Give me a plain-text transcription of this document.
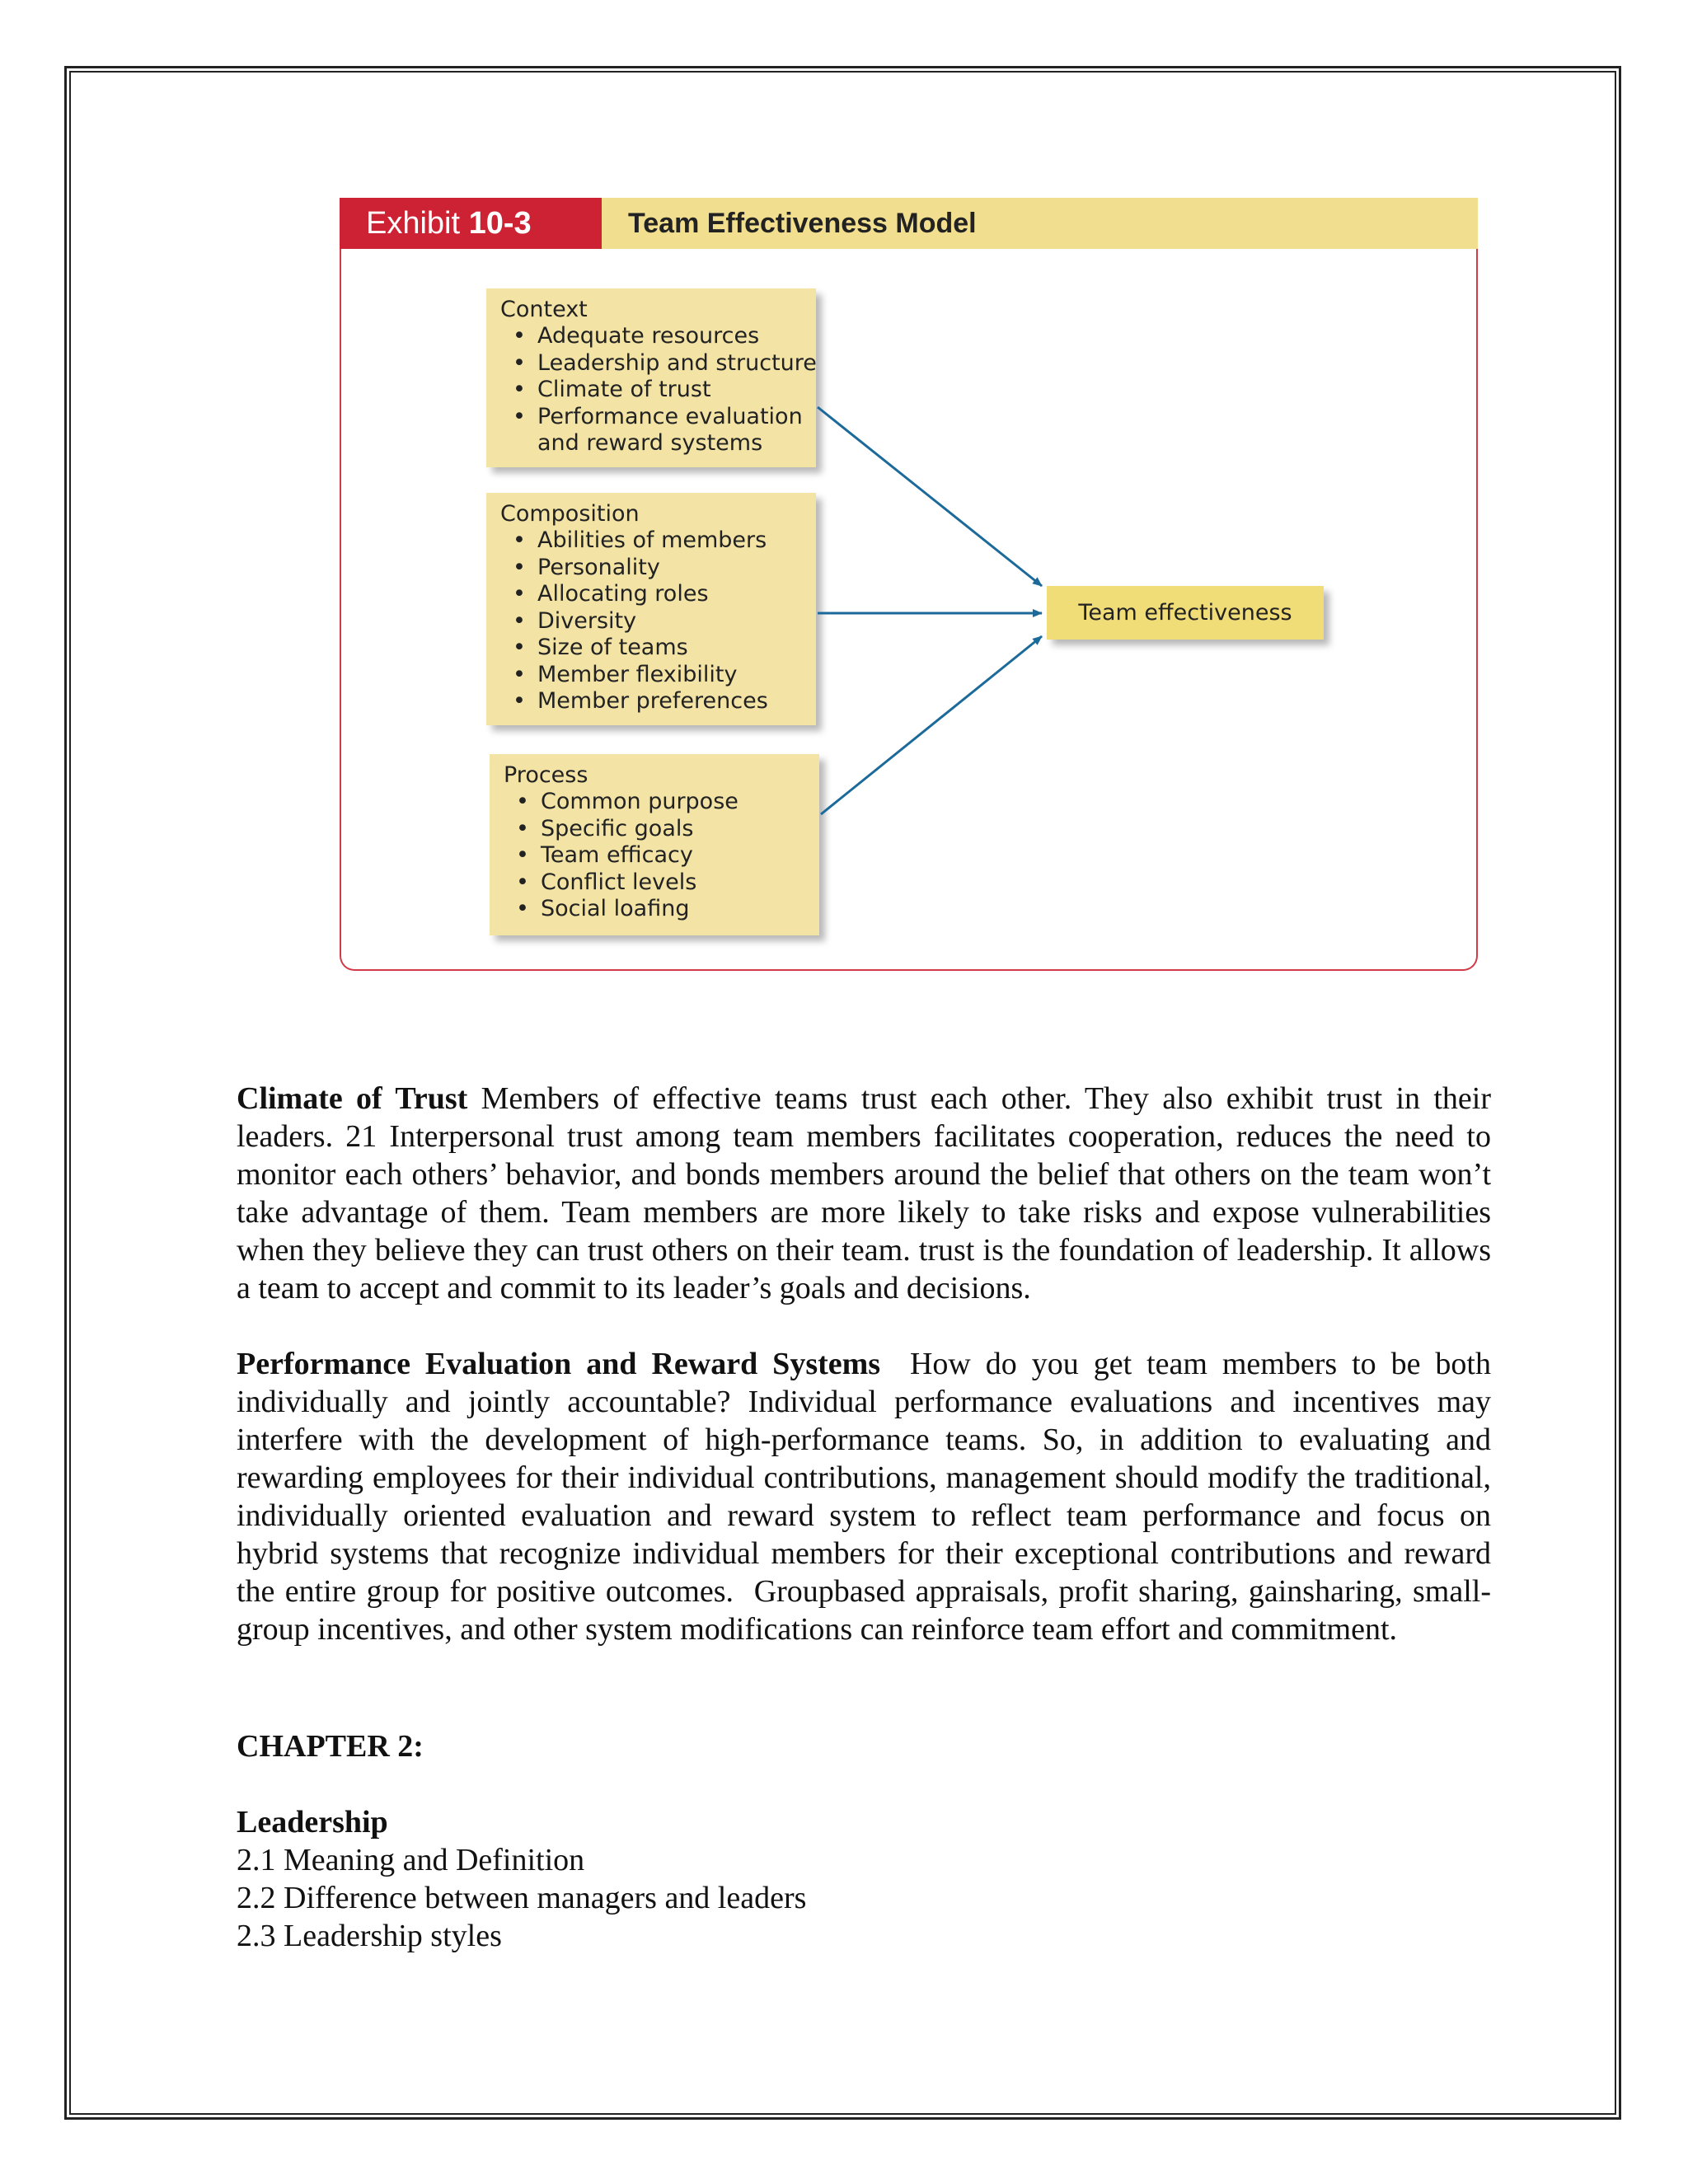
Exhibit 10-3	Team Effectiveness Model
Context
• Adequate resources
• Leadership and structure
• Climate of trust
• Performance evaluation
and reward systems
Composition
• Abilities of members
• Personality
• Allocating roles
• Diversity
• Size of teams
• Member flexibility
• Member preferences
Process
• Common purpose
• Specific goals
• Team efficacy
• Conflict levels
• Social loafing
Team effectiveness

Climate of Trust Members of effective teams trust each other. They also exhibit trust in their leaders. 21 Interpersonal trust among team members facilitates cooperation, reduces the need to monitor each others’ behavior, and bonds members around the belief that others on the team won’t take advantage of them. Team members are more likely to take risks and expose vulnerabilities when they believe they can trust others on their team. trust is the foundation of leadership. It allows a team to accept and commit to its leader’s goals and decisions.

Performance Evaluation and Reward Systems  How do you get team members to be both individually and jointly accountable? Individual performance evaluations and incentives may interfere with the development of high-performance teams. So, in addition to evaluating and rewarding employees for their individual contributions, management should modify the traditional, individually oriented evaluation and reward system to reflect team performance and focus on hybrid systems that recognize individual members for their exceptional contributions and reward the entire group for positive outcomes.  Groupbased appraisals, profit sharing, gainsharing, small-group incentives, and other system modifications can reinforce team effort and commitment.

CHAPTER 2:

Leadership

2.1 Meaning and Definition

2.2 Difference between managers and leaders

2.3 Leadership styles
